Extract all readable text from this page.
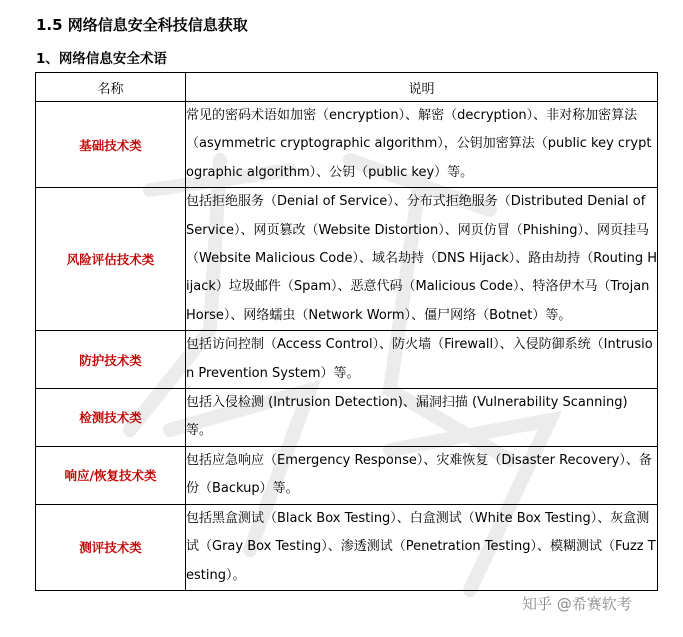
1.5 网络信息安全科技信息获取
1、网络信息安全术语
名称	说明
基础技术类	常见的密码术语如加密（encryption）、解密（decryption）、非对称加密算法（asymmetric cryptographic algorithm），公钥加密算法（public key cryptographic algorithm）、公钥（public key）等。
风险评估技术类	包括拒绝服务（Denial of Service）、分布式拒绝服务（Distributed Denial of Service）、网页篡改（Website Distortion）、网页仿冒（Phishing）、网页挂马（Website Malicious Code）、域名劫持（DNS Hijack）、路由劫持（Routing Hijack）垃圾邮件（Spam）、恶意代码（Malicious Code）、特洛伊木马（Trojan Horse）、网络蠕虫（Network Worm）、僵尸网络（Botnet）等。
防护技术类	包括访问控制（Access Control）、防火墙（Firewall）、入侵防御系统（Intrusion Prevention System）等。
检测技术类	包括入侵检测 (Intrusion Detection)、漏洞扫描 (Vulnerability Scanning) 等。
响应/恢复技术类	包括应急响应（Emergency Response）、灾难恢复（Disaster Recovery）、备份（Backup）等。
测评技术类	包括黑盒测试（Black Box Testing）、白盒测试（White Box Testing）、灰盒测试（Gray Box Testing）、渗透测试（Penetration Testing）、模糊测试（Fuzz Testing）。
知乎 @希赛软考
